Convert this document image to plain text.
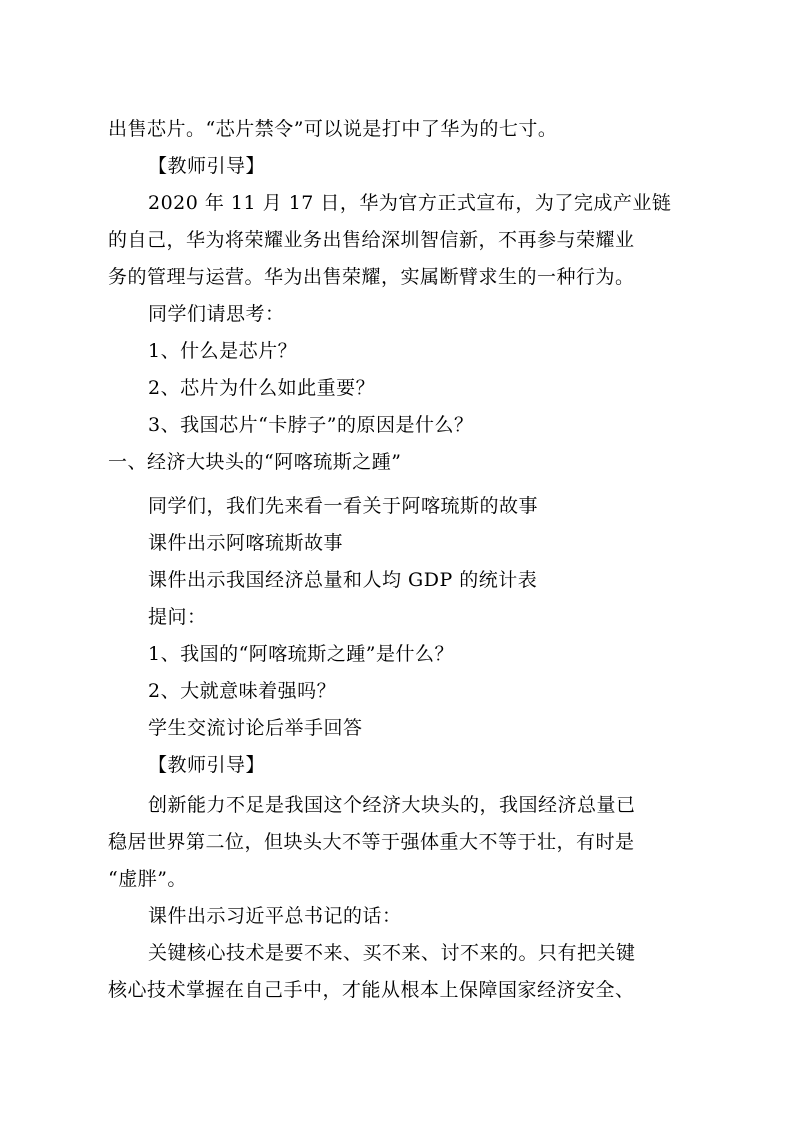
出售芯片。“芯片禁令”可以说是打中了华为的七寸。
【教师引导】
2020 年 11 月 17 日，华为官方正式宣布，为了完成产业链
的自己，华为将荣耀业务出售给深圳智信新，不再参与荣耀业
务的管理与运营。华为出售荣耀，实属断臂求生的一种行为。
同学们请思考：
1、什么是芯片？
2、芯片为什么如此重要？
3、我国芯片“卡脖子”的原因是什么？
一、经济大块头的“阿喀琉斯之踵”
同学们，我们先来看一看关于阿喀琉斯的故事
课件出示阿喀琉斯故事
课件出示我国经济总量和人均 GDP 的统计表
提问：
1、我国的“阿喀琉斯之踵”是什么？
2、大就意味着强吗？
学生交流讨论后举手回答
【教师引导】
创新能力不足是我国这个经济大块头的，我国经济总量已
稳居世界第二位，但块头大不等于强体重大不等于壮，有时是
“虚胖”。
课件出示习近平总书记的话：
关键核心技术是要不来、买不来、讨不来的。只有把关键
核心技术掌握在自己手中，才能从根本上保障国家经济安全、
